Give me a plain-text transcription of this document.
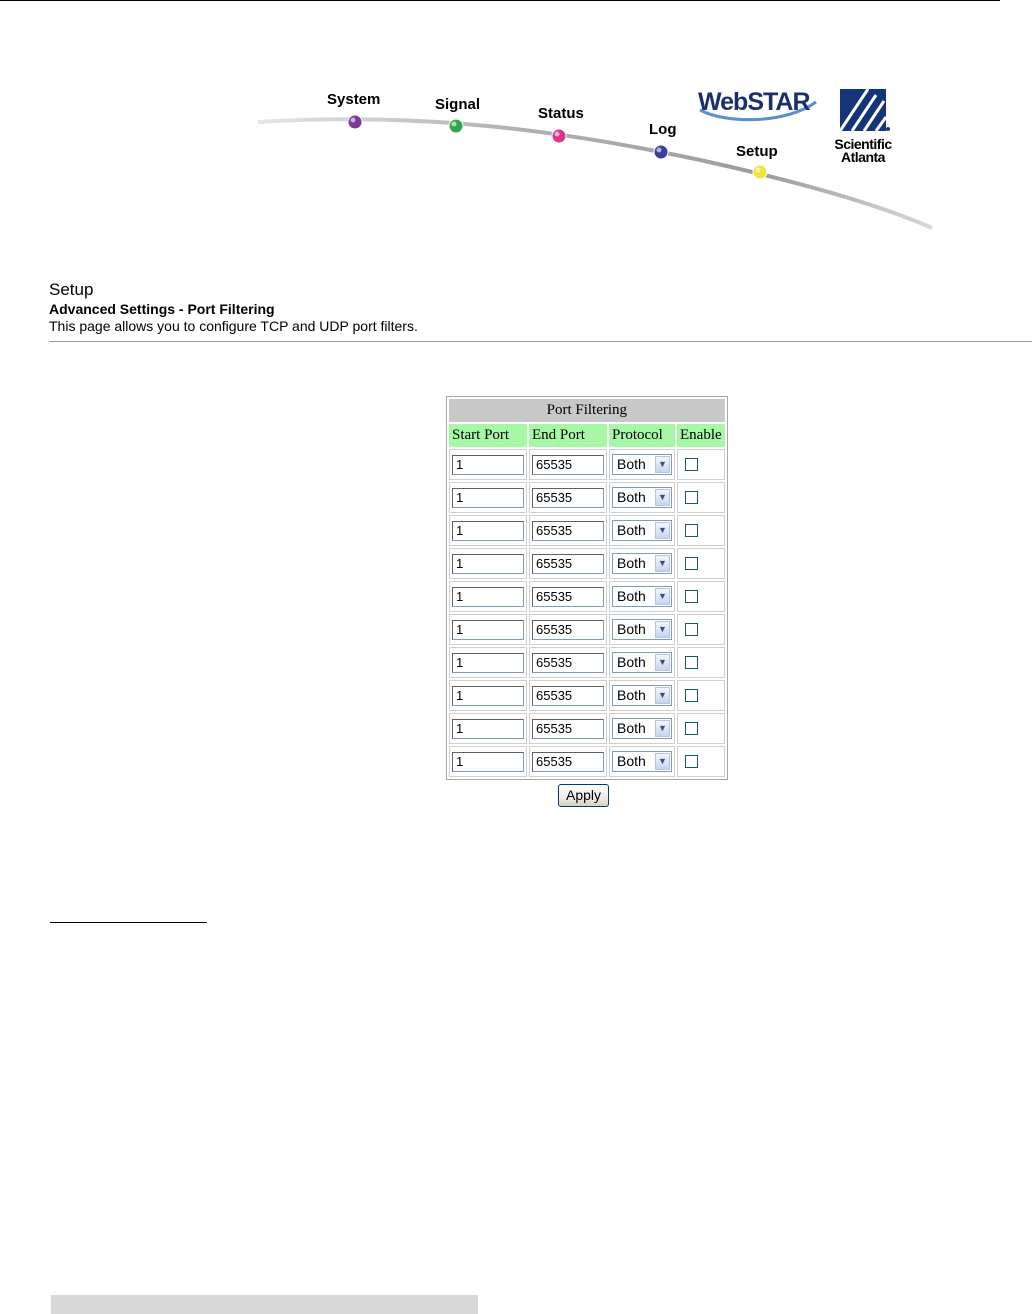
System	Signal
Status
Log
Setup
WebSTAR
Scientific
Atlanta
Setup
Advanced Settings - Port Filtering
This page allows you to configure TCP and UDP port filters.
Port Filtering			
Start Port	End Port	Protocol	Enable

1	65535	Both ▼	

1	65535	Both ▼	

1	65535	Both ▼	

1	65535	Both ▼	

1	65535	Both ▼	

1	65535	Both ▼	

1	65535	Both ▼	

1	65535	Both ▼	

1	65535	Both ▼	

1	65535	Both ▼	

Apply
